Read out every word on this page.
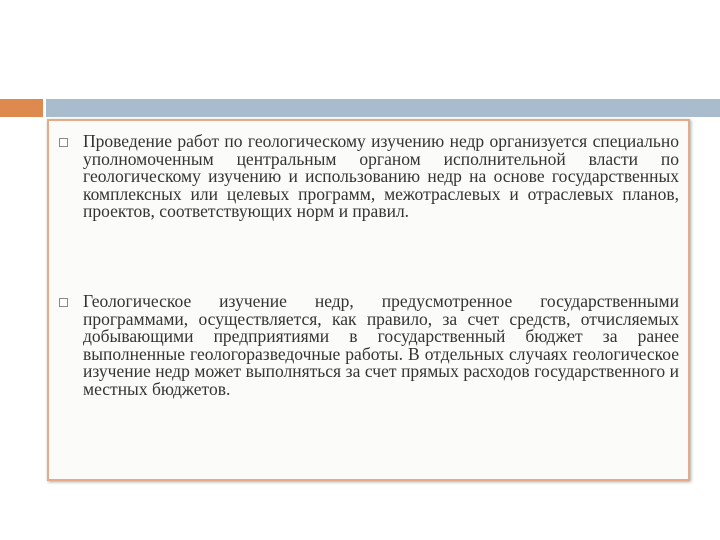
Проведение работ по геологическому изучению недр организуется специально уполномоченным центральным органом исполнительной власти по геологическому изучению и использованию недр на основе государственных комплексных или целевых программ, межотраслевых и отраслевых планов, проектов, соответствующих норм и правил.
Геологическое изучение недр, предусмотренное государственными программами, осуществляется, как правило, за счет средств, отчисляемых добывающими предприятиями в государственный бюджет за ранее выполненные геологоразведочные работы. В отдельных случаях геологическое изучение недр может выполняться за счет прямых расходов государственного и местных бюджетов.
